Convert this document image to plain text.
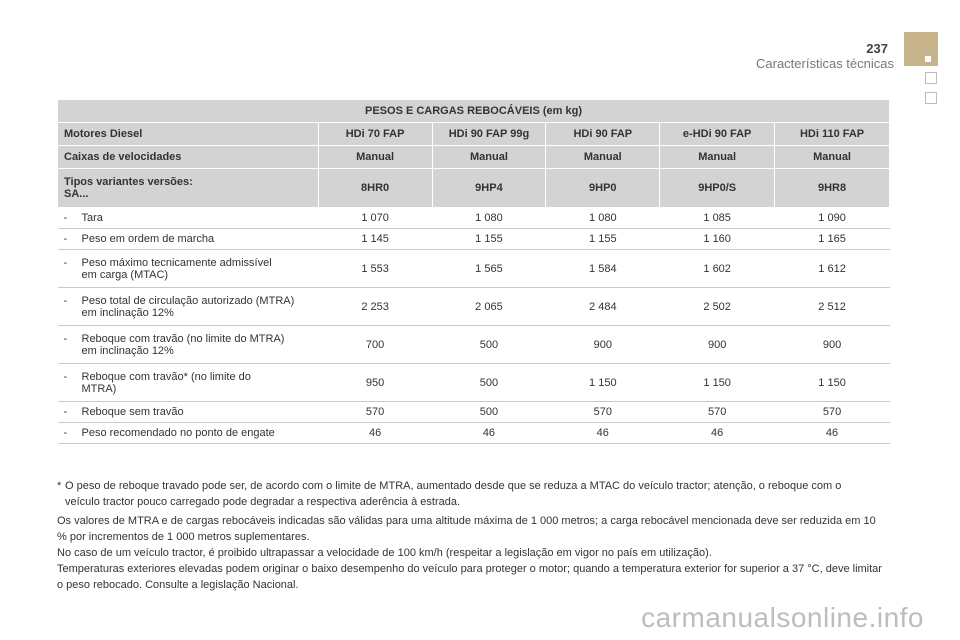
237
Características técnicas
PESOS E CARGAS REBOCÁVEIS (em kg)					
Motores Diesel	HDi 70 FAP	HDi 90 FAP 99g	HDi 90 FAP	e-HDi 90 FAP	HDi 110 FAP
Caixas de velocidades	Manual	Manual	Manual	Manual	Manual

Tipos variantes versões:
SA...	8HR0	9HP4	9HP0	9HP0/S	9HR8

- Tara	1 070	1 080	1 080	1 085	1 090

- Peso em ordem de marcha	1 145	1 155	1 155	1 160	1 165

- Peso máximo tecnicamente admissível
em carga (MTAC)	1 553	1 565	1 584	1 602	1 612

- Peso total de circulação autorizado (MTRA)
em inclinação 12%	2 253	2 065	2 484	2 502	2 512

- Reboque com travão (no limite do MTRA)
em inclinação 12%	700	500	900	900	900

- Reboque com travão* (no limite do
MTRA)	950	500	1 150	1 150	1 150

- Reboque sem travão	570	500	570	570	570

- Peso recomendado no ponto de engate	46	46	46	46	46
* O peso de reboque travado pode ser, de acordo com o limite de MTRA, aumentado desde que se reduza a MTAC do veículo tractor; atenção, o reboque com o veículo tractor pouco carregado pode degradar a respectiva aderência à estrada.

Os valores de MTRA e de cargas rebocáveis indicadas são válidas para uma altitude máxima de 1 000 metros; a carga rebocável mencionada deve ser reduzida em 10 % por incrementos de 1 000 metros suplementares.

No caso de um veículo tractor, é proibido ultrapassar a velocidade de 100 km/h (respeitar a legislação em vigor no país em utilização).

Temperaturas exteriores elevadas podem originar o baixo desempenho do veículo para proteger o motor; quando a temperatura exterior for superior a 37 °C, deve limitar o peso rebocado. Consulte a legislação Nacional.

carmanualsonline.info
